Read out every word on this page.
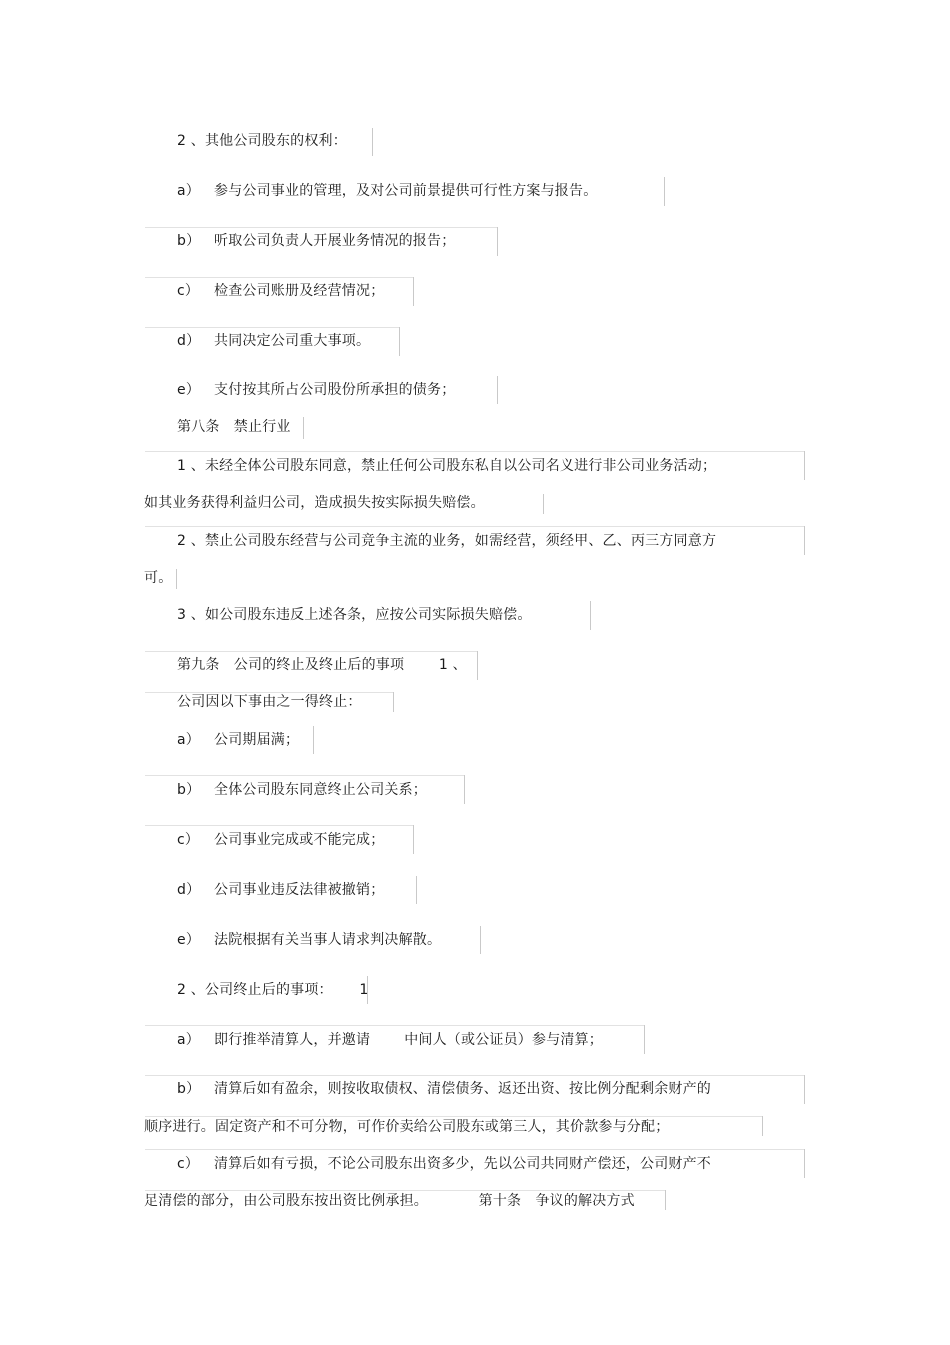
2 、其他公司股东的权利：
a） 参与公司事业的管理，及对公司前景提供可行性方案与报告。
b） 听取公司负责人开展业务情况的报告；
c） 检查公司账册及经营情况；
d） 共同决定公司重大事项。
e） 支付按其所占公司股份所承担的债务；
第八条　禁止行业
1 、未经全体公司股东同意，禁止任何公司股东私自以公司名义进行非公司业务活动；
如其业务获得利益归公司，造成损失按实际损失赔偿。
2 、禁止公司股东经营与公司竞争主流的业务，如需经营，须经甲、乙、丙三方同意方
可。
3 、如公司股东违反上述各条，应按公司实际损失赔偿。
第九条　公司的终止及终止后的事项 1 、
公司因以下事由之一得终止：
a） 公司期届满；
b） 全体公司股东同意终止公司关系；
c） 公司事业完成或不能完成；
d） 公司事业违反法律被撤销；
e） 法院根据有关当事人请求判决解散。
2 、公司终止后的事项： 1
a） 即行推举清算人，并邀请 中间人（或公证员）参与清算；
b） 清算后如有盈余，则按收取债权、清偿债务、返还出资、按比例分配剩余财产的
顺序进行。固定资产和不可分物，可作价卖给公司股东或第三人，其价款参与分配；
c） 清算后如有亏损，不论公司股东出资多少，先以公司共同财产偿还，公司财产不
足清偿的部分，由公司股东按出资比例承担。	第十条　争议的解决方式
